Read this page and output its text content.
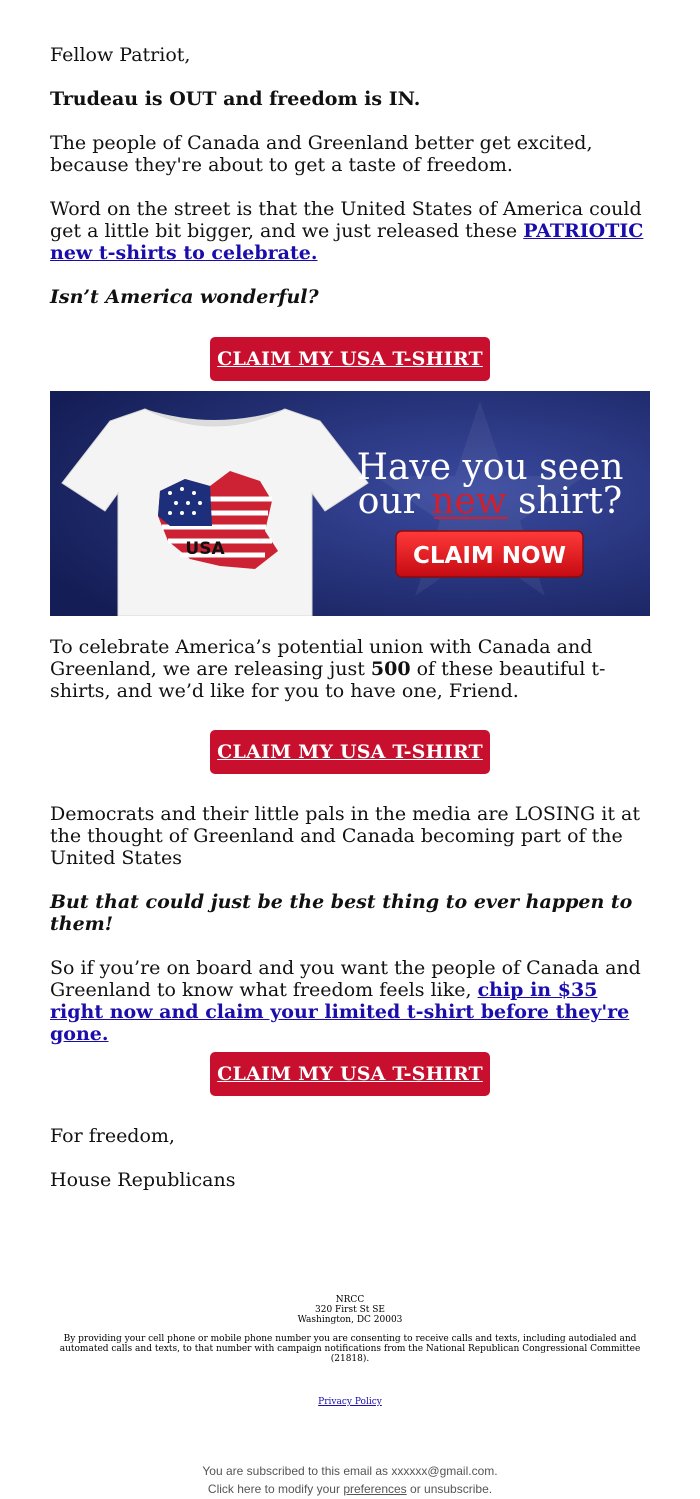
Fellow Patriot,

Trudeau is OUT and freedom is IN.

The people of Canada and Greenland better get excited, because they're about to get a taste of freedom.

Word on the street is that the United States of America could get a little bit bigger, and we just released these PATRIOTIC new t-shirts to celebrate.

Isn’t America wonderful?

CLAIM MY USA T-SHIRT
USA
Have you seen
our new shirt?
CLAIM NOW

To celebrate America’s potential union with Canada and Greenland, we are releasing just 500 of these beautiful t-shirts, and we’d like for you to have one, Friend.

CLAIM MY USA T-SHIRT

Democrats and their little pals in the media are LOSING it at the thought of Greenland and Canada becoming part of the United States

But that could just be the best thing to ever happen to them!

So if you’re on board and you want the people of Canada and Greenland to know what freedom feels like, chip in $35 right now and claim your limited t-shirt before they're gone.

CLAIM MY USA T-SHIRT

For freedom,

House Republicans

NRCC
320 First St SE
Washington, DC 20003
By providing your cell phone or mobile phone number you are consenting to receive calls and texts, including autodialed and automated calls and texts, to that number with campaign notifications from the National Republican Congressional Committee (21818).
Privacy Policy
You are subscribed to this email as xxxxxx@gmail.com.
Click here to modify your preferences or unsubscribe.
